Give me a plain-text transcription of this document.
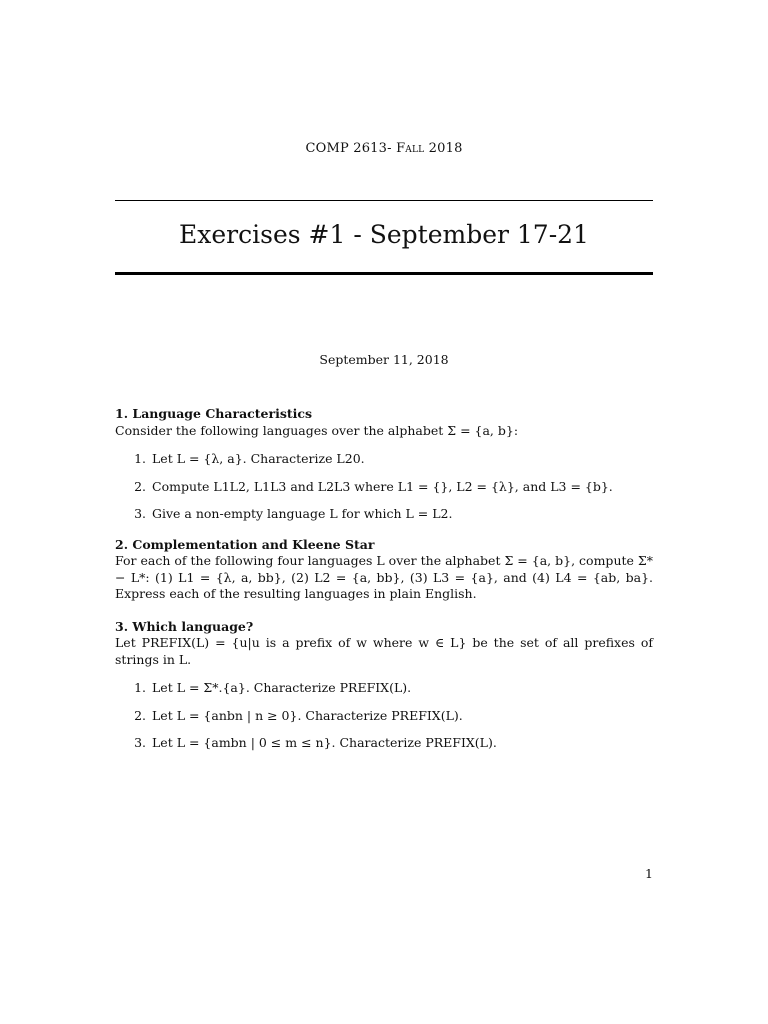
COMP 2613- Fall 2018
Exercises #1 - September 17-21
September 11, 2018

1. Language Characteristics

Consider the following languages over the alphabet Σ = {a, b}:

1. Let L = {λ, a}. Characterize L20.
2. Compute L1L2, L1L3 and L2L3 where L1 = {}, L2 = {λ}, and L3 = {b}.
3. Give a non-empty language L for which L = L2.

2. Complementation and Kleene Star

For each of the following four languages L over the alphabet Σ = {a, b}, compute Σ* − L*: (1) L1 = {λ, a, bb}, (2) L2 = {a, bb}, (3) L3 = {a}, and (4) L4 = {ab, ba}. Express each of the resulting languages in plain English.

3. Which language?

Let PREFIX(L) = {u|u is a prefix of w where w ∈ L} be the set of all prefixes of strings in L.

1. Let L = Σ*.{a}. Characterize PREFIX(L).
2. Let L = {anbn | n ≥ 0}. Characterize PREFIX(L).
3. Let L = {ambn | 0 ≤ m ≤ n}. Characterize PREFIX(L).
1
